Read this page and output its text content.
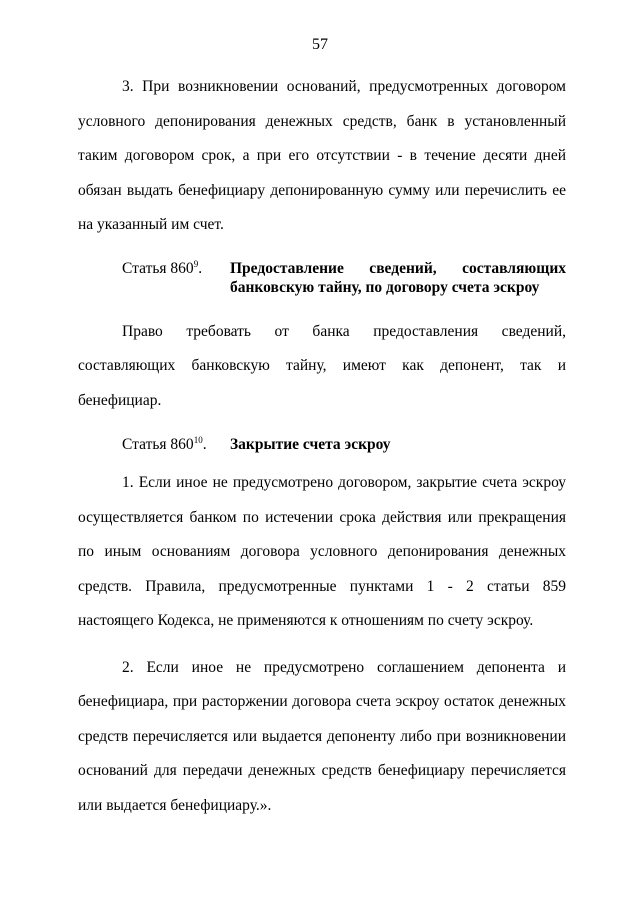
57

3. При возникновении оснований, предусмотренных договором условного депонирования денежных средств, банк в установленный таким договором срок, а при его отсутствии - в течение десяти дней обязан выдать бенефициару депонированную сумму или перечислить ее на указанный им счет.

Статья $860^9$.	Предоставление сведений, составляющих банковскую тайну, по договору счета эскроу

Право требовать от банка предоставления сведений, составляющих банковскую тайну, имеют как депонент, так и бенефициар.

Статья $860^{10}$.	Закрытие счета эскроу

1. Если иное не предусмотрено договором, закрытие счета эскроу осуществляется банком по истечении срока действия или прекращения по иным основаниям договора условного депонирования денежных средств. Правила, предусмотренные пунктами 1 - 2 статьи 859 настоящего Кодекса, не применяются к отношениям по счету эскроу.

2. Если иное не предусмотрено соглашением депонента и бенефициара, при расторжении договора счета эскроу остаток денежных средств перечисляется или выдается депоненту либо при возникновении оснований для передачи денежных средств бенефициару перечисляется или выдается бенефициару.».
